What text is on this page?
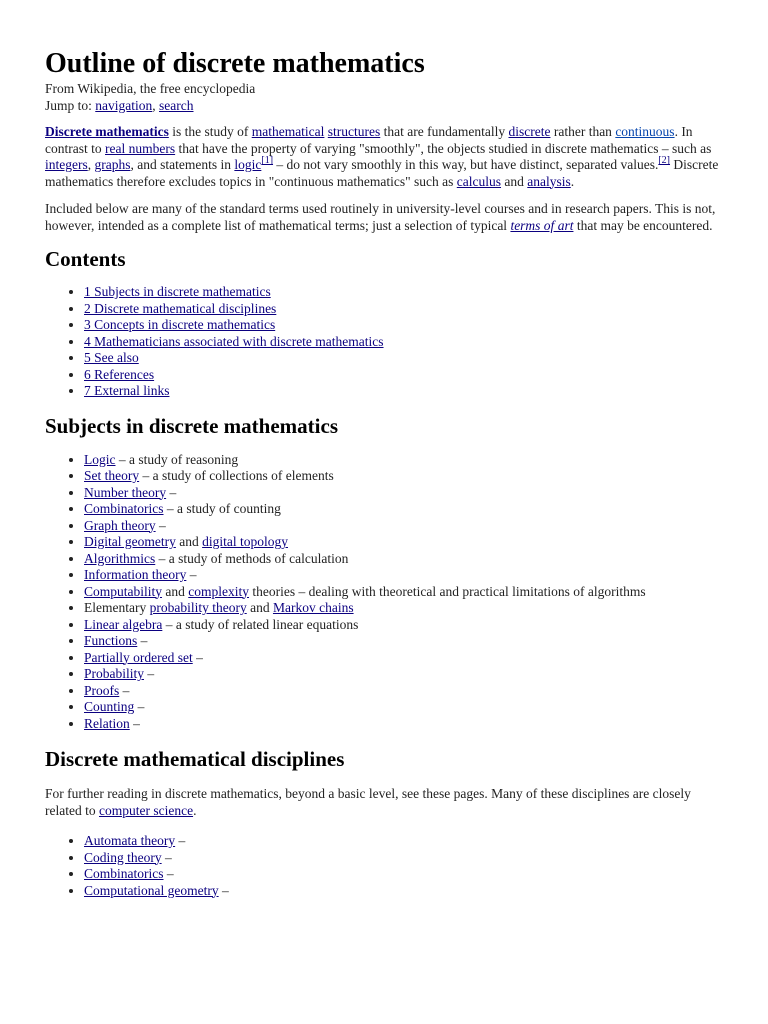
Outline of discrete mathematics
From Wikipedia, the free encyclopedia
Jump to: navigation, search

Discrete mathematics is the study of mathematical structures that are fundamentally discrete rather than continuous. In contrast to real numbers that have the property of varying "smoothly", the objects studied in discrete mathematics – such as integers, graphs, and statements in logic[1] – do not vary smoothly in this way, but have distinct, separated values.[2] Discrete mathematics therefore excludes topics in "continuous mathematics" such as calculus and analysis.

Included below are many of the standard terms used routinely in university-level courses and in research papers. This is not, however, intended as a complete list of mathematical terms; just a selection of typical terms of art that may be encountered.

Contents
• 1 Subjects in discrete mathematics
• 2 Discrete mathematical disciplines
• 3 Concepts in discrete mathematics
• 4 Mathematicians associated with discrete mathematics
• 5 See also
• 6 References
• 7 External links
Subjects in discrete mathematics
• Logic – a study of reasoning
• Set theory – a study of collections of elements
• Number theory –
• Combinatorics – a study of counting
• Graph theory –
• Digital geometry and digital topology
• Algorithmics – a study of methods of calculation
• Information theory –
• Computability and complexity theories – dealing with theoretical and practical limitations of algorithms
• Elementary probability theory and Markov chains
• Linear algebra – a study of related linear equations
• Functions –
• Partially ordered set –
• Probability –
• Proofs –
• Counting –
• Relation –
Discrete mathematical disciplines

For further reading in discrete mathematics, beyond a basic level, see these pages. Many of these disciplines are closely related to computer science.

• Automata theory –
• Coding theory –
• Combinatorics –
• Computational geometry –
